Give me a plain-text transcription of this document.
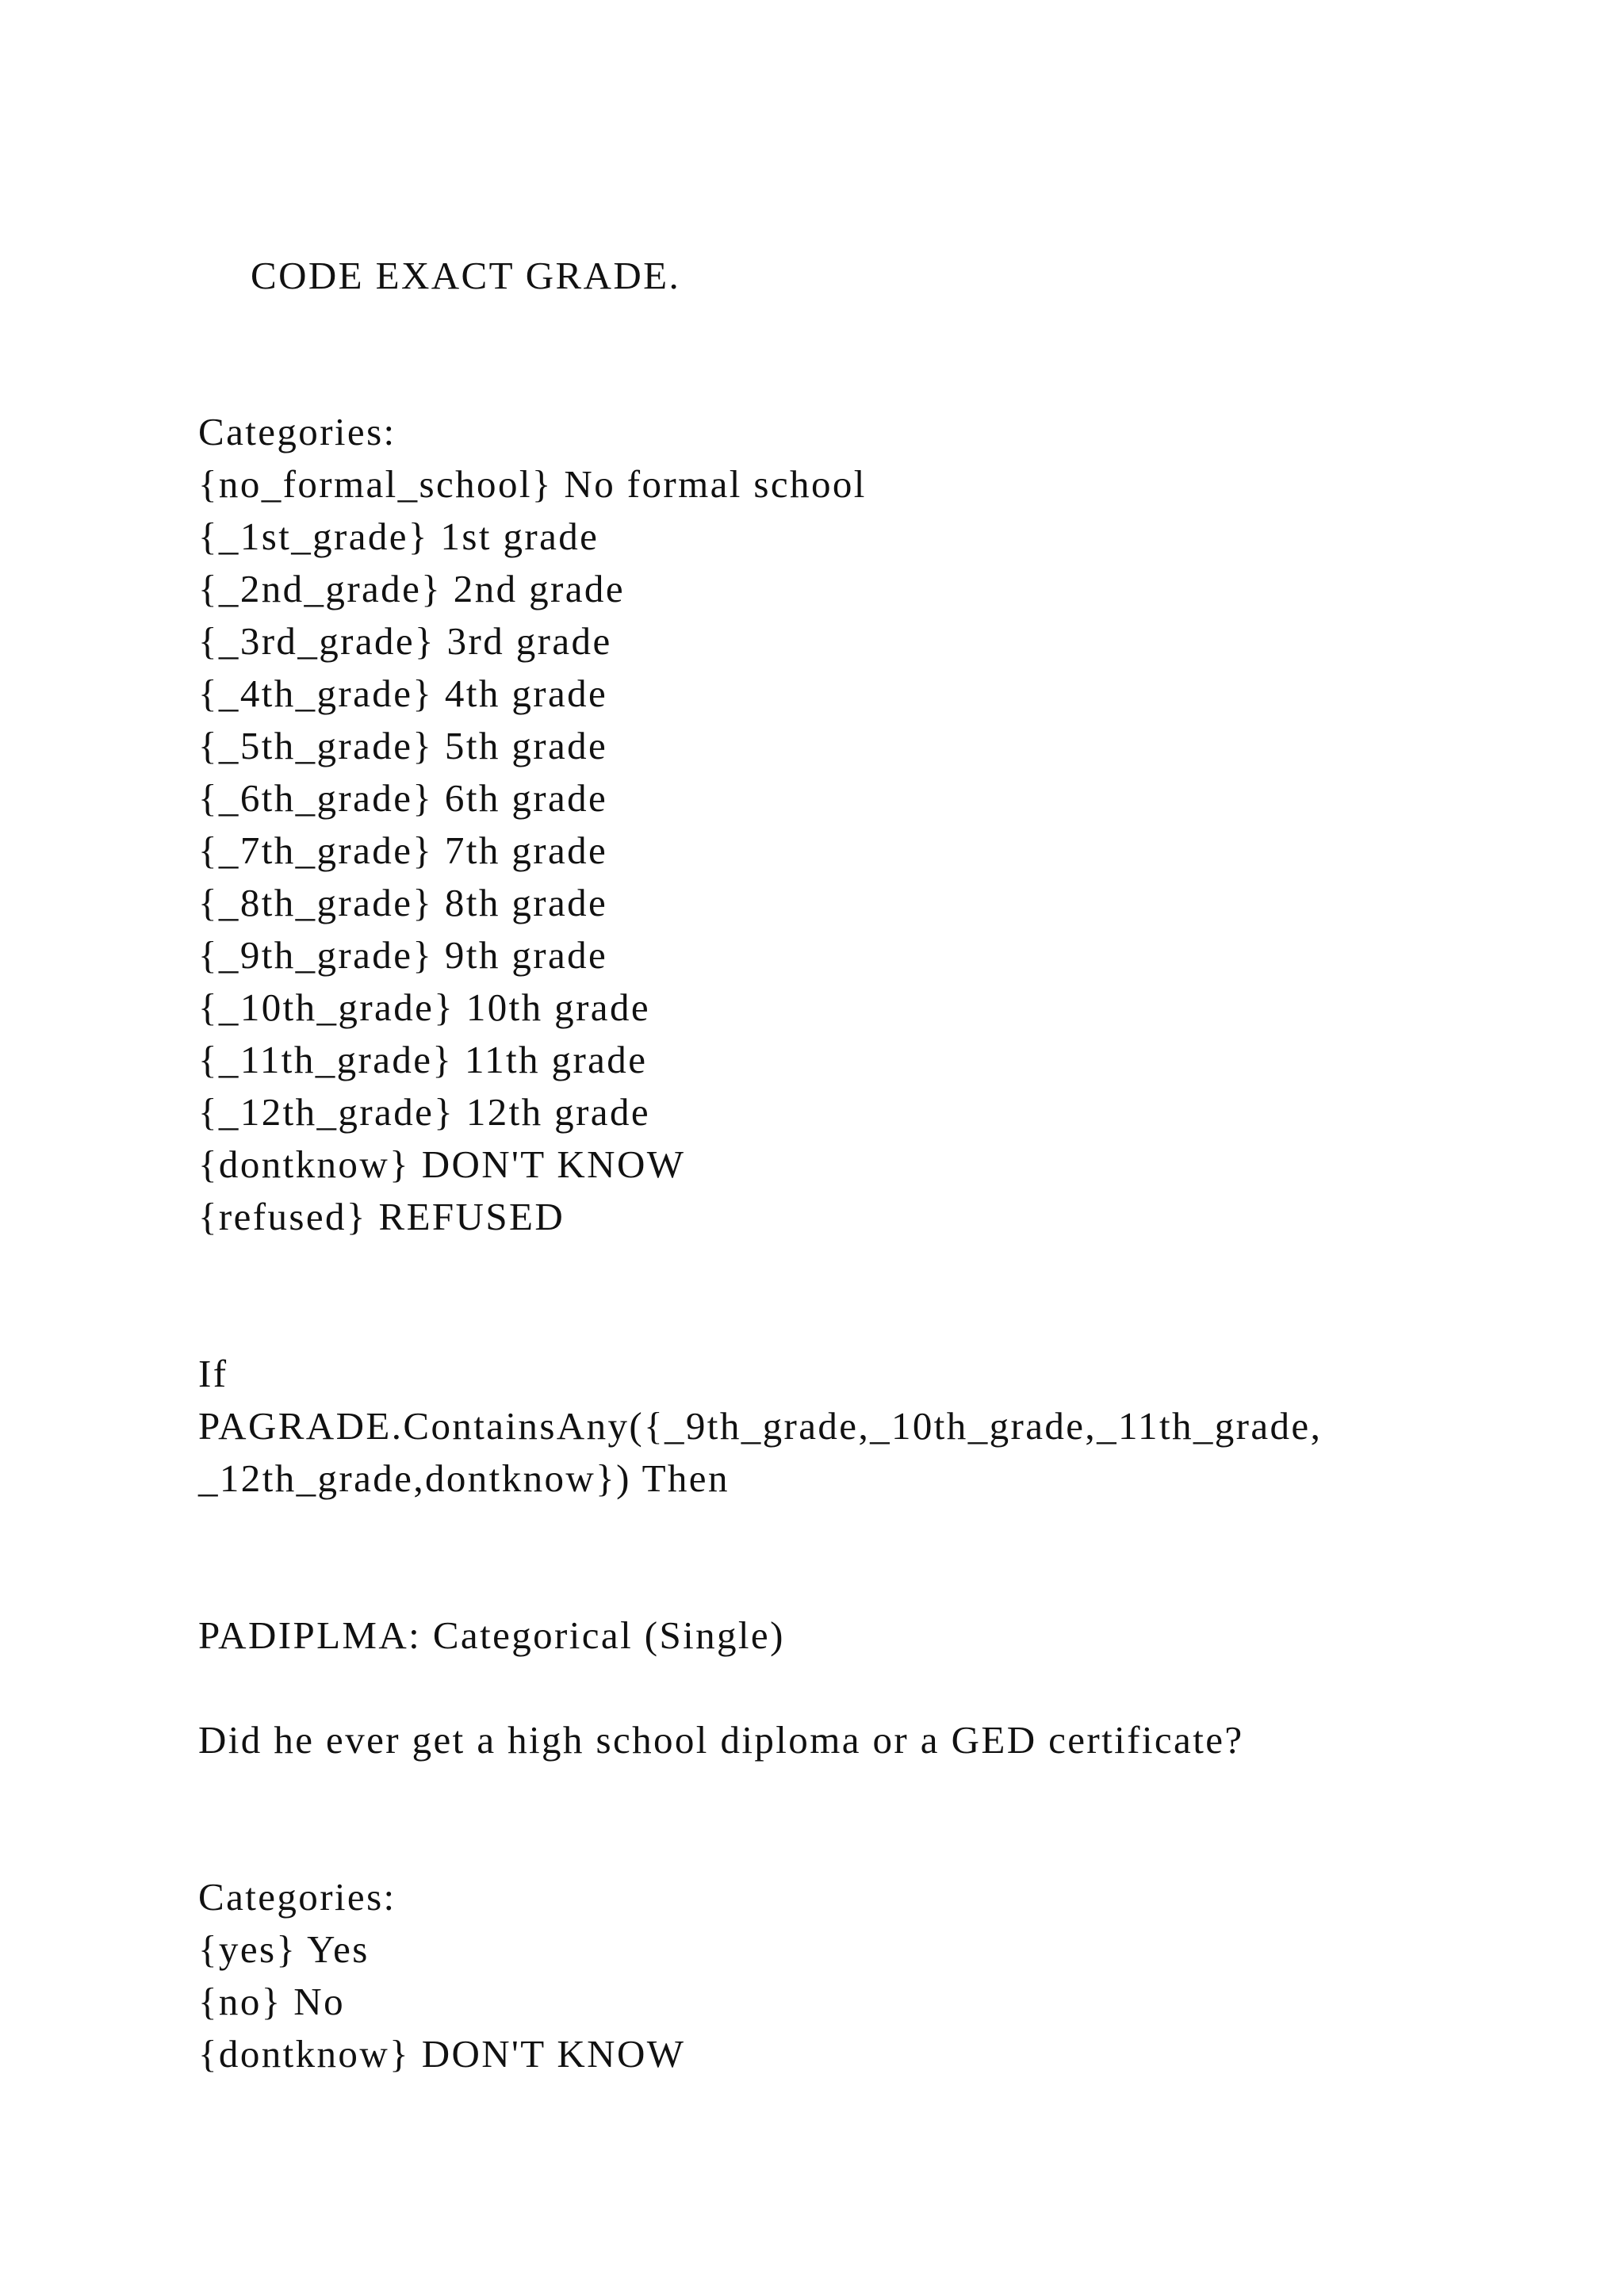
CODE EXACT GRADE.
Categories:
{no_formal_school} No formal school
{_1st_grade} 1st grade
{_2nd_grade} 2nd grade
{_3rd_grade} 3rd grade
{_4th_grade} 4th grade
{_5th_grade} 5th grade
{_6th_grade} 6th grade
{_7th_grade} 7th grade
{_8th_grade} 8th grade
{_9th_grade} 9th grade
{_10th_grade} 10th grade
{_11th_grade} 11th grade
{_12th_grade} 12th grade
{dontknow} DON'T KNOW
{refused} REFUSED
If
PAGRADE.ContainsAny({_9th_grade,_10th_grade,_11th_grade,
_12th_grade,dontknow}) Then
PADIPLMA: Categorical (Single)
Did he ever get a high school diploma or a GED certificate?
Categories:
{yes} Yes
{no} No
{dontknow} DON'T KNOW
